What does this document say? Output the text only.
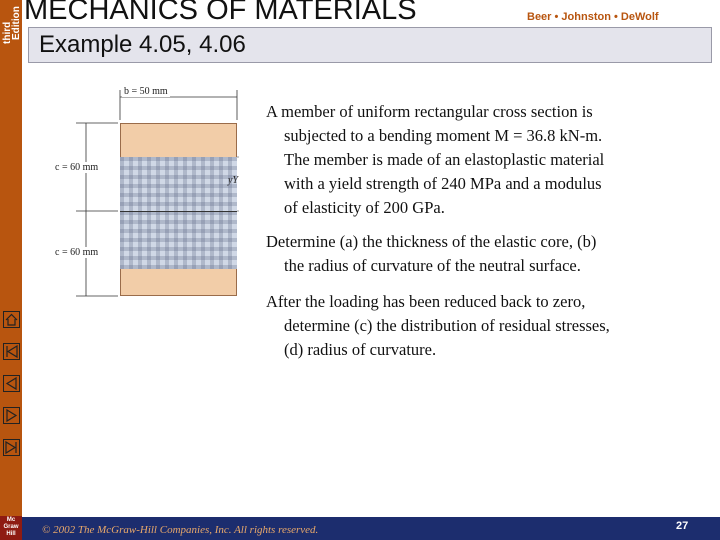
third
Edition
Mc
Graw
Hill
MECHANICS OF MATERIALS	Beer • Johnston • DeWolf
Example 4.05, 4.06
b = 50 mm
c = 60 mm
c = 60 mm
yY
A member of uniform rectangular cross section is
subjected to a bending moment M = 36.8 kN-m.
The member is made of an elastoplastic material
with a yield strength of 240 MPa and a modulus
of elasticity of 200 GPa.
Determine (a) the thickness of the elastic core, (b)
the radius of curvature of the neutral surface.
After the loading has been reduced back to zero,
determine (c) the distribution of residual stresses,
(d) radius of curvature.
© 2002 The McGraw-Hill Companies, Inc. All rights reserved.	27
